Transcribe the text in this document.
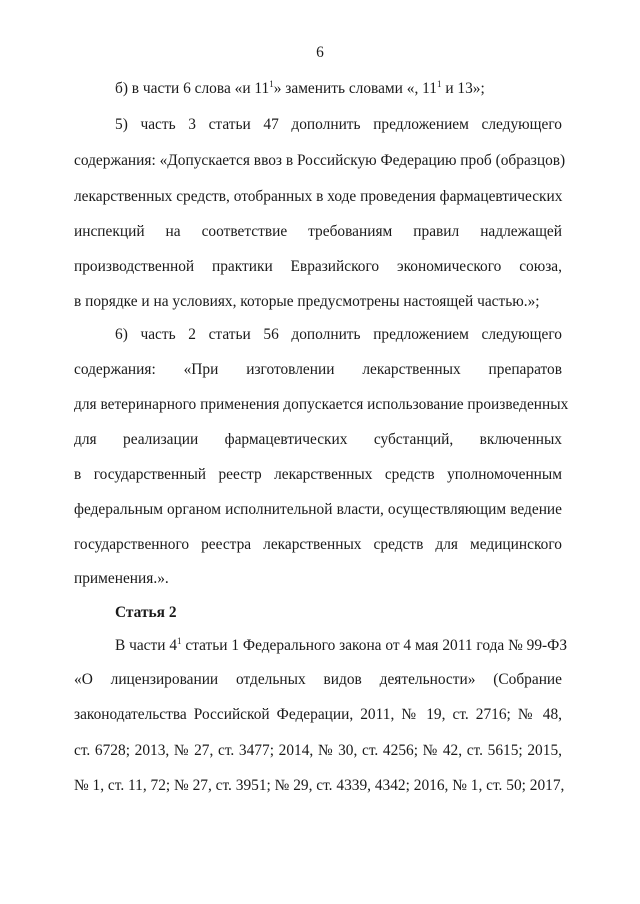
6
б) в части 6 слова «и $11^1$» заменить словами «, $11^1$ и 13»;
5) часть 3 статьи 47 дополнить предложением следующего
содержания: «Допускается ввоз в Российскую Федерацию проб (образцов)
лекарственных средств, отобранных в ходе проведения фармацевтических
инспекций на соответствие требованиям правил надлежащей
производственной практики Евразийского экономического союза,
в порядке и на условиях, которые предусмотрены настоящей частью.»;
6) часть 2 статьи 56 дополнить предложением следующего
содержания: «При изготовлении лекарственных препаратов
для ветеринарного применения допускается использование произведенных
для реализации фармацевтических субстанций, включенных
в государственный реестр лекарственных средств уполномоченным
федеральным органом исполнительной власти, осуществляющим ведение
государственного реестра лекарственных средств для медицинского
применения.».
Статья 2
В части $4^1$ статьи 1 Федерального закона от 4 мая 2011 года № 99-ФЗ
«О лицензировании отдельных видов деятельности» (Собрание
законодательства Российской Федерации, 2011, № 19, ст. 2716; № 48,
ст. 6728; 2013, № 27, ст. 3477; 2014, № 30, ст. 4256; № 42, ст. 5615; 2015,
№ 1, ст. 11, 72; № 27, ст. 3951; № 29, ст. 4339, 4342; 2016, № 1, ст. 50; 2017,
